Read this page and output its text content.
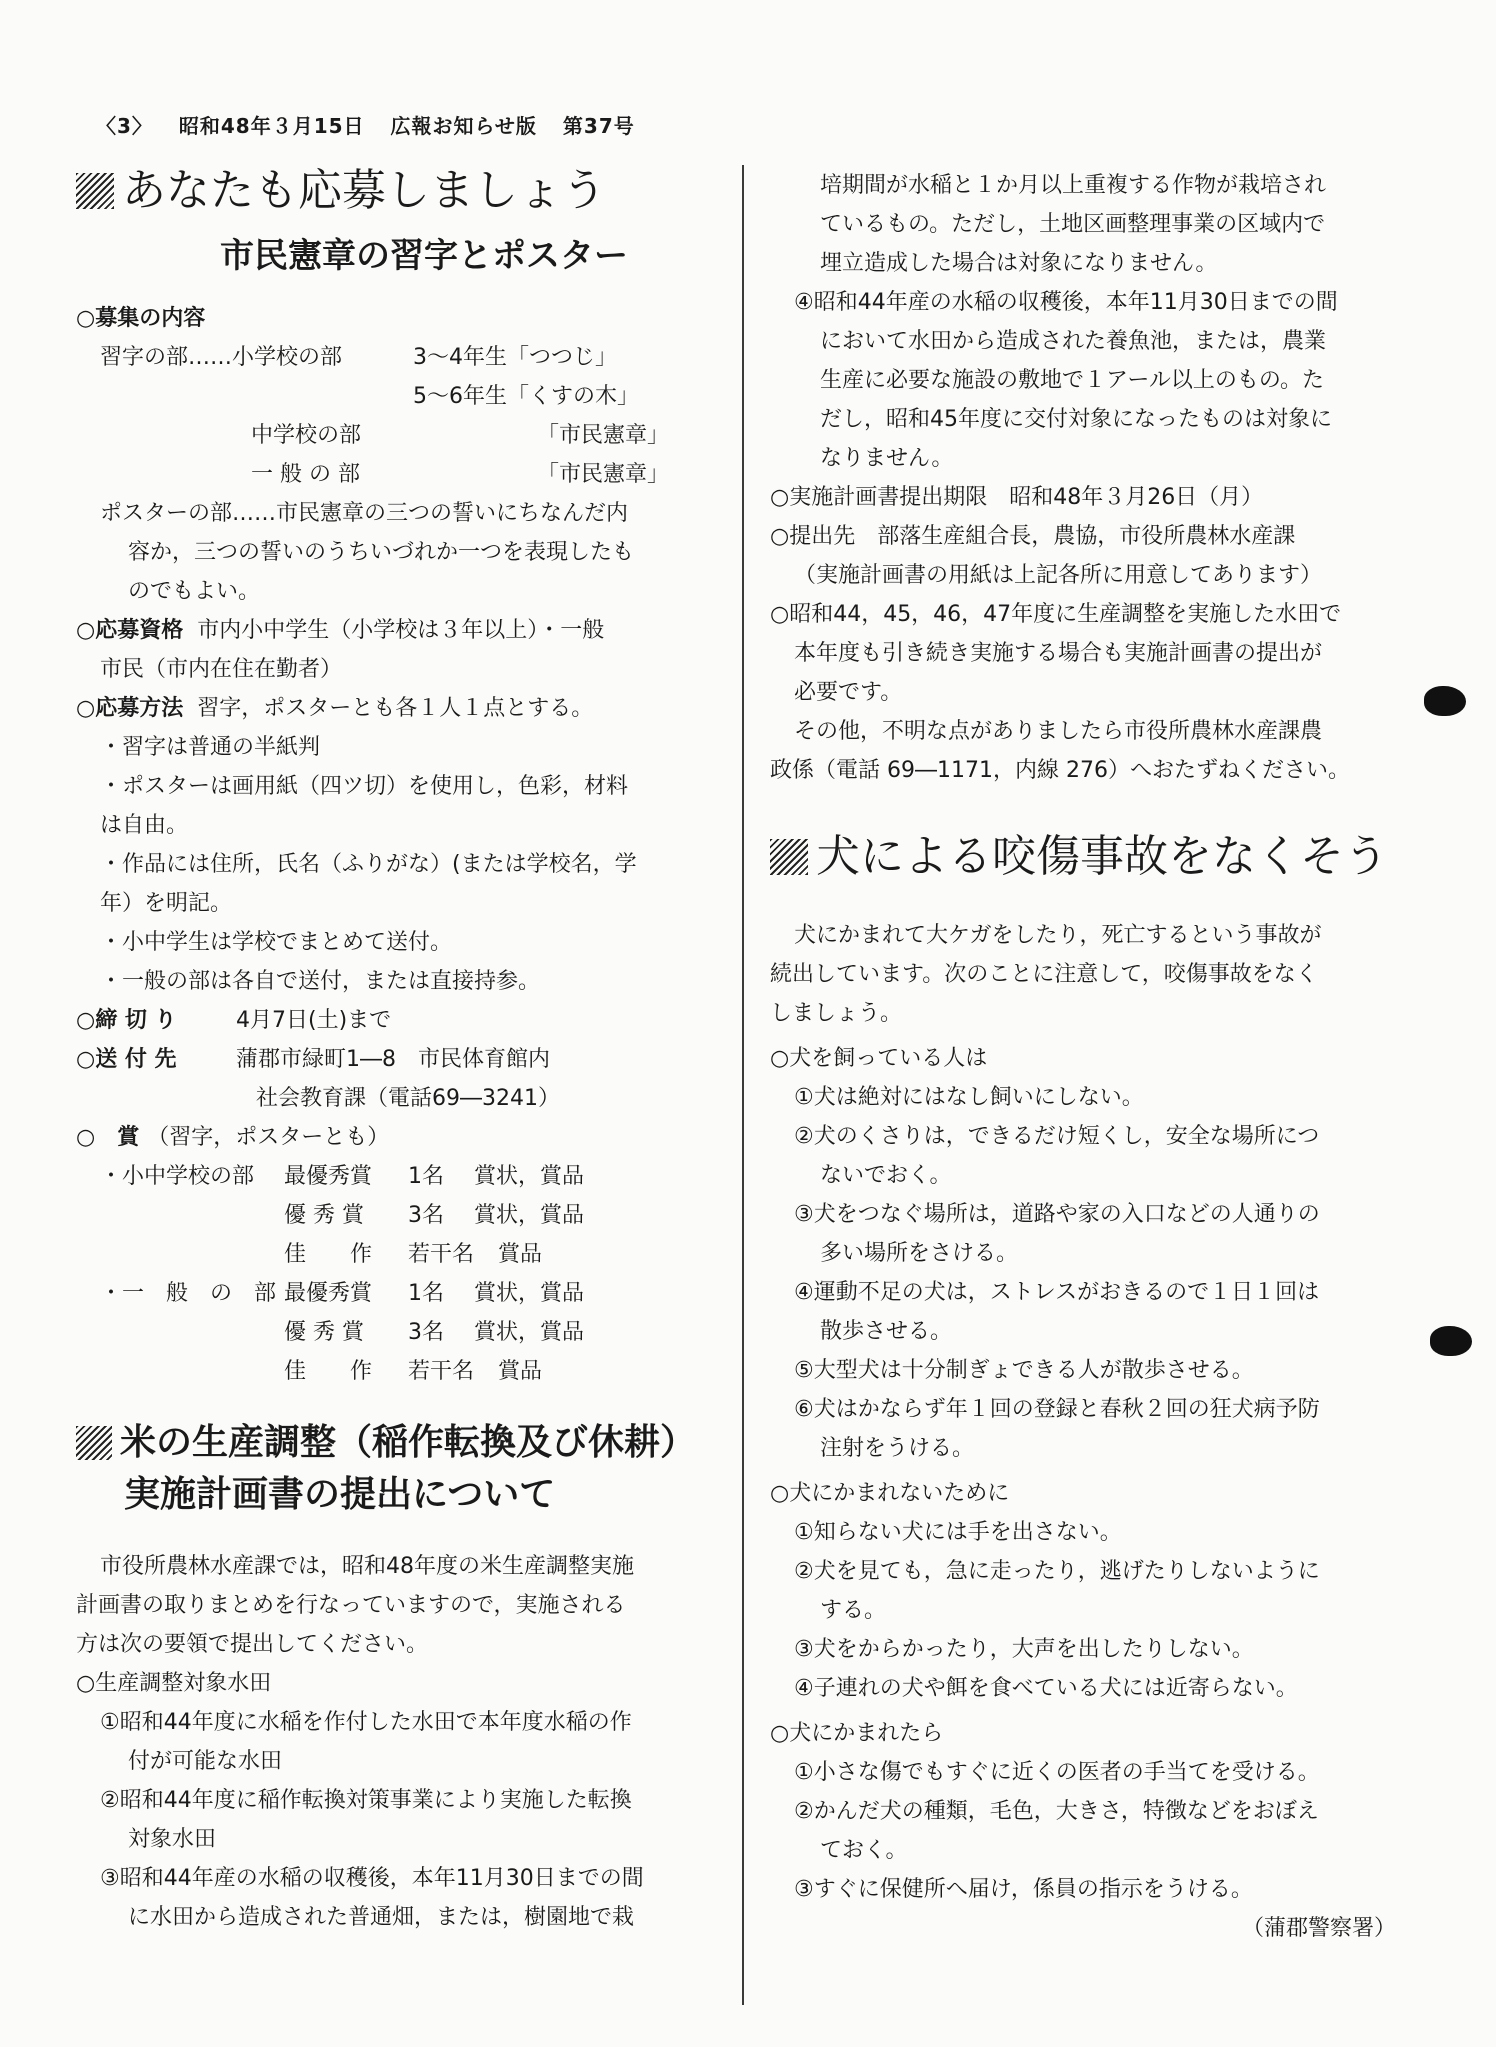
〈3〉 昭和48年３月15日 広報お知らせ版 第37号
あなたも応募しましょう
市民憲章の習字とポスター
○募集の内容
習字の部……小学校の部	3～4年生「つつじ」
5～6年生「くすの木」
中学校の部	「市民憲章」
一 般 の 部	「市民憲章」
ポスターの部……市民憲章の三つの誓いにちなんだ内
容か，三つの誓いのうちいづれか一つを表現したも
のでもよい。
○応募資格 市内小中学生（小学校は３年以上）・一般
市民（市内在住在勤者）
○応募方法 習字，ポスターとも各１人１点とする。
・習字は普通の半紙判
・ポスターは画用紙（四ツ切）を使用し，色彩，材料
は自由。
・作品には住所，氏名（ふりがな）(または学校名，学
年）を明記。
・小中学生は学校でまとめて送付。
・一般の部は各自で送付，または直接持参。
○締 切 り	4月7日(土)まで
○送 付 先	蒲郡市緑町1―8　市民体育館内
社会教育課（電話69―3241）
○　賞 （習字，ポスターとも）
・小中学校の部	最優秀賞	1名	賞状，賞品
優 秀 賞	3名	賞状，賞品
佳　　作	若干名	賞品
・一　般　の　部 最優秀賞	1名	賞状，賞品
優 秀 賞	3名	賞状，賞品
佳　　作	若干名	賞品
米の生産調整（稲作転換及び休耕）
実施計画書の提出について
市役所農林水産課では，昭和48年度の米生産調整実施
計画書の取りまとめを行なっていますので，実施される
方は次の要領で提出してください。
○生産調整対象水田
①昭和44年度に水稲を作付した水田で本年度水稲の作
付が可能な水田
②昭和44年度に稲作転換対策事業により実施した転換
対象水田
③昭和44年産の水稲の収穫後，本年11月30日までの間
に水田から造成された普通畑，または，樹園地で栽
培期間が水稲と１か月以上重複する作物が栽培され
ているもの。ただし，土地区画整理事業の区域内で
埋立造成した場合は対象になりません。
④昭和44年産の水稲の収穫後，本年11月30日までの間
において水田から造成された養魚池，または，農業
生産に必要な施設の敷地で１アール以上のもの。た
だし，昭和45年度に交付対象になったものは対象に
なりません。
○実施計画書提出期限　昭和48年３月26日（月）
○提出先　部落生産組合長，農協，市役所農林水産課
（実施計画書の用紙は上記各所に用意してあります）
○昭和44，45，46，47年度に生産調整を実施した水田で
本年度も引き続き実施する場合も実施計画書の提出が
必要です。
その他，不明な点がありましたら市役所農林水産課農
政係（電話 69―1171，内線 276）へおたずねください。
犬による咬傷事故をなくそう
犬にかまれて大ケガをしたり，死亡するという事故が
続出しています。次のことに注意して，咬傷事故をなく
しましょう。
○犬を飼っている人は
①犬は絶対にはなし飼いにしない。
②犬のくさりは，できるだけ短くし，安全な場所につ
ないでおく。
③犬をつなぐ場所は，道路や家の入口などの人通りの
多い場所をさける。
④運動不足の犬は，ストレスがおきるので１日１回は
散歩させる。
⑤大型犬は十分制ぎょできる人が散歩させる。
⑥犬はかならず年１回の登録と春秋２回の狂犬病予防
注射をうける。
○犬にかまれないために
①知らない犬には手を出さない。
②犬を見ても，急に走ったり，逃げたりしないように
する。
③犬をからかったり，大声を出したりしない。
④子連れの犬や餌を食べている犬には近寄らない。
○犬にかまれたら
①小さな傷でもすぐに近くの医者の手当てを受ける。
②かんだ犬の種類，毛色，大きさ，特徴などをおぼえ
ておく。
③すぐに保健所へ届け，係員の指示をうける。
（蒲郡警察署）
